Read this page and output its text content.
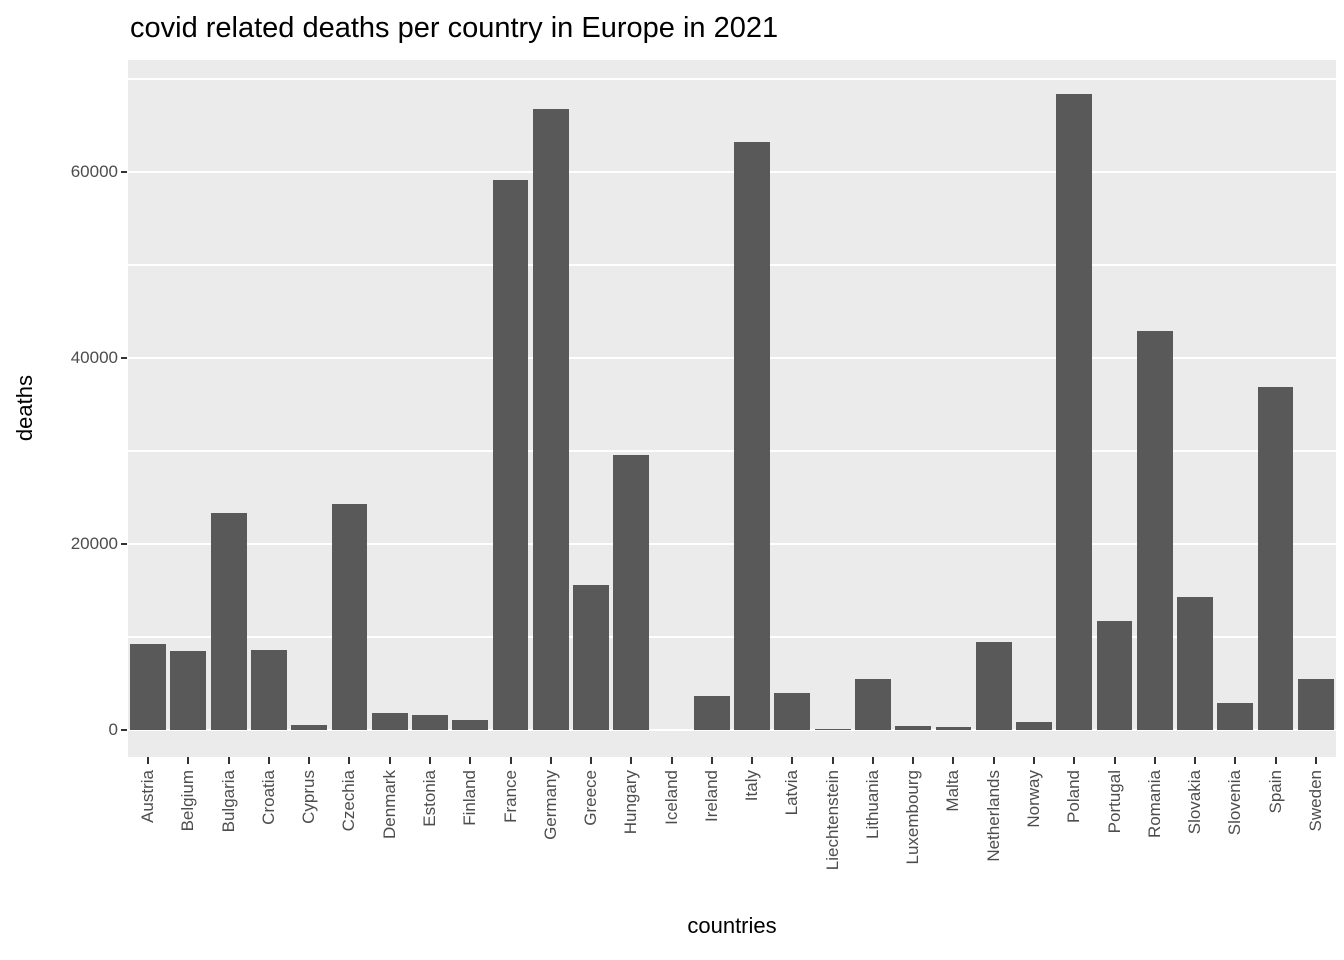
covid related deaths per country in Europe in 2021
deaths
0
20000
40000
60000
Austria Belgium Bulgaria Croatia Cyprus Czechia Denmark Estonia Finland France Germany Greece Hungary Iceland Ireland Italy Latvia Liechtenstein Lithuania Luxembourg Malta Netherlands Norway Poland Portugal Romania Slovakia Slovenia Spain Sweden
countries
